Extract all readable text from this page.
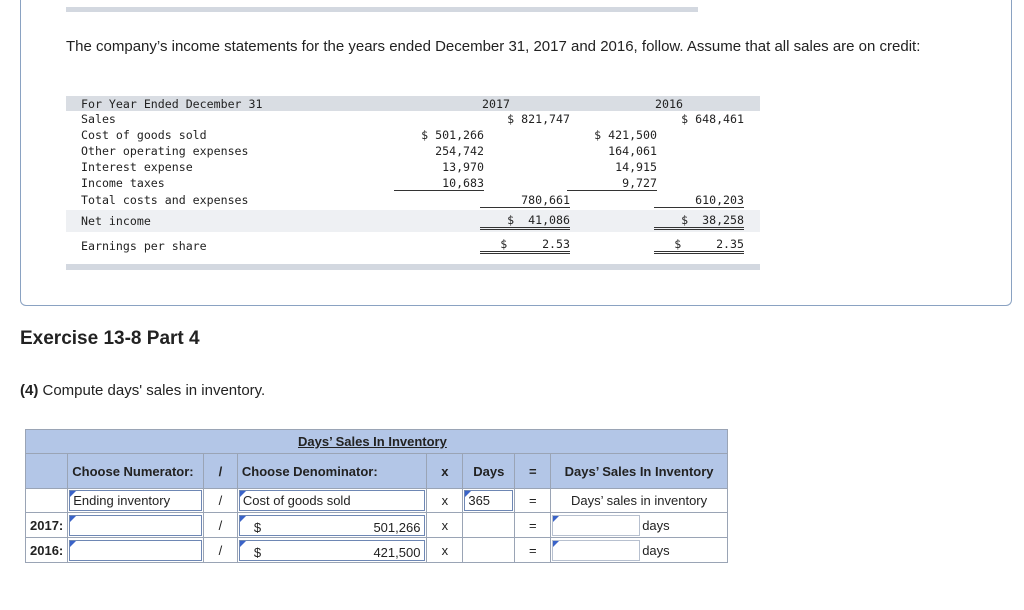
The company’s income statements for the years ended December 31, 2017 and 2016, follow. Assume that all sales are on credit:
For Year Ended December 31	2017	2016
Sales	$ 821,747	$ 648,461
Cost of goods sold	$ 501,266	$ 421,500
Other operating expenses	254,742	164,061
Interest expense	13,970	14,915
Income taxes	10,683	9,727
Total costs and expenses	780,661	610,203
Net income	$  41,086	$  38,258
Earnings per share	$     2.53	$     2.35
Exercise 13-8 Part 4
(4) Compute days' sales in inventory.
Days’ Sales In Inventory							
	Choose Numerator:	/	Choose Denominator:	x	Days	=	Days’ Sales In Inventory

	Ending inventory	/	Cost of goods sold	x	365	=	Days’ sales in inventory
2017:		/	$ 501,266	x		=	days

2016:		/	$ 421,500	x		=	days
